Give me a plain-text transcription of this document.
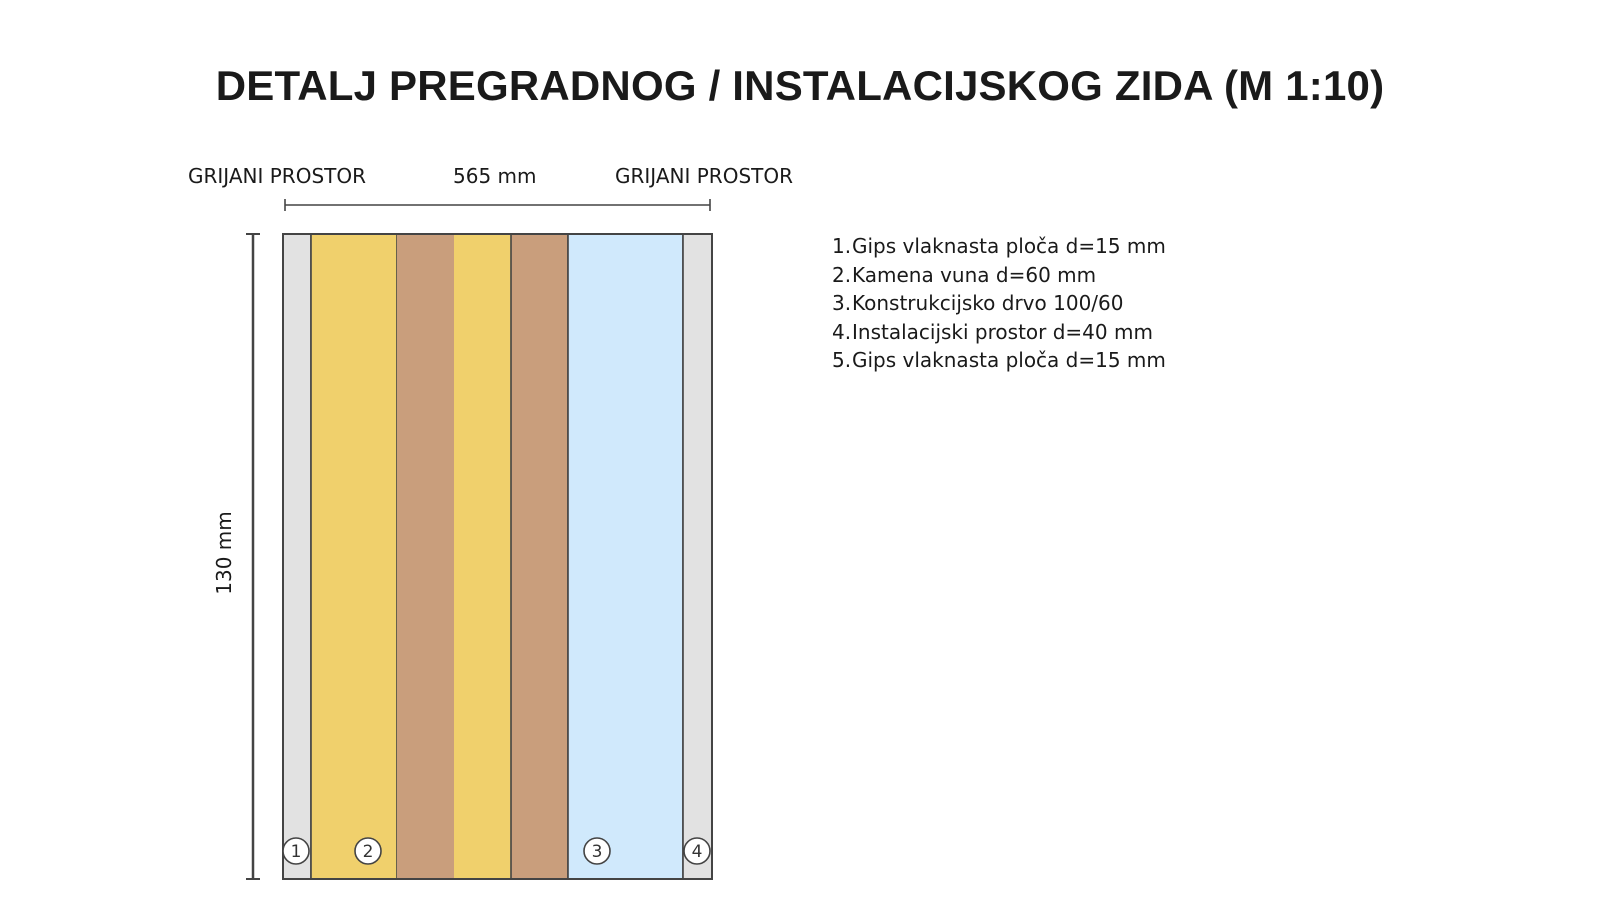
DETALJ PREGRADNOG / INSTALACIJSKOG ZIDA (M 1:10)
GRIJANI PROSTOR	565 mm	GRIJANI PROSTOR
130 mm
1	2	3	4
1.Gips vlaknasta ploča d=15 mm
2.Kamena vuna d=60 mm
3.Konstrukcijsko drvo 100/60
4.Instalacijski prostor d=40 mm
5.Gips vlaknasta ploča d=15 mm
